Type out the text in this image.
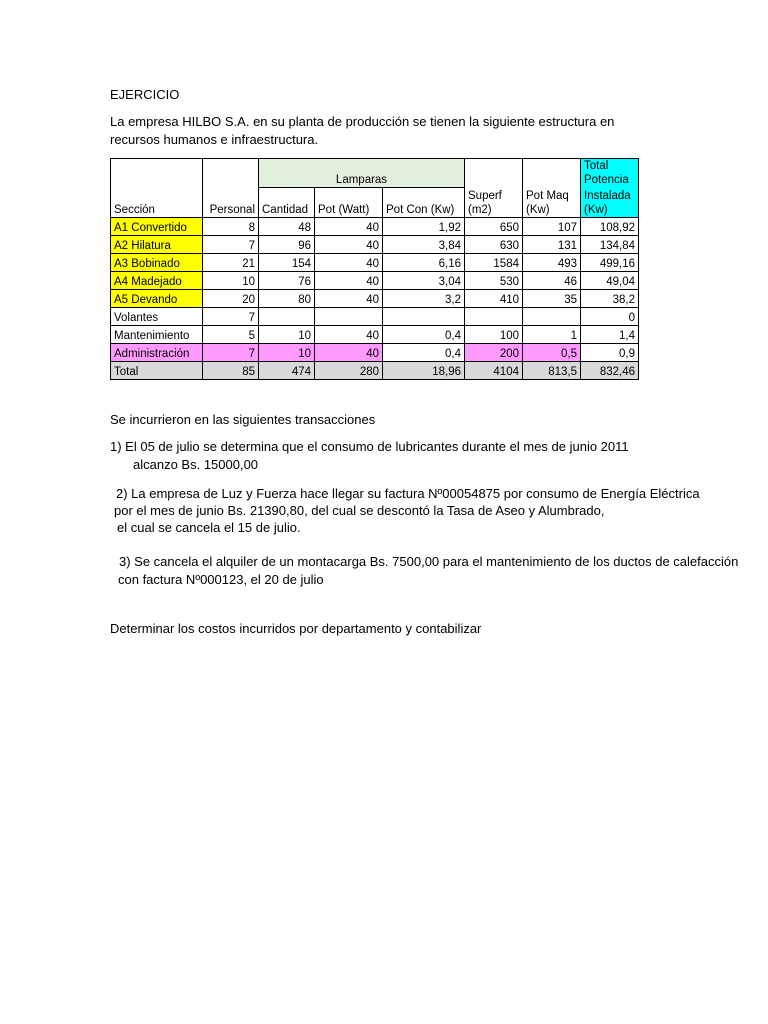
EJERCICIO
La empresa HILBO S.A. en su planta de producción se tienen la siguiente estructura en
recursos humanos e infraestructura.
		Lamparas					Total
Potencia
Sección	Personal	Cantidad	Pot (Watt)	Pot Con (Kw)	Superf (m2)	Pot Maq (Kw)	Instalada (Kw)
A1 Convertido	8	48	40	1,92	650	107	108,92
A2 Hilatura	7	96	40	3,84	630	131	134,84
A3 Bobinado	21	154	40	6,16	1584	493	499,16
A4 Madejado	10	76	40	3,04	530	46	49,04
A5 Devando	20	80	40	3,2	410	35	38,2
Volantes	7						0
Mantenimiento	5	10	40	0,4	100	1	1,4
Administración	7	10	40	0,4	200	0,5	0,9
Total	85	474	280	18,96	4104	813,5	832,46
Se incurrieron en las siguientes transacciones
1) El 05 de julio se determina que el consumo de lubricantes durante el mes de junio 2011
alcanzo Bs. 15000,00
2) La empresa de Luz y Fuerza hace llegar su factura Nº00054875 por consumo de Energía Eléctrica
por el mes de junio Bs. 21390,80, del cual se descontó la Tasa de Aseo y Alumbrado,
el cual se cancela el 15 de julio.
3) Se cancela el alquiler de un montacarga Bs. 7500,00 para el mantenimiento de los ductos de calefacción
con factura Nº000123, el 20 de julio
Determinar los costos incurridos por departamento y contabilizar
